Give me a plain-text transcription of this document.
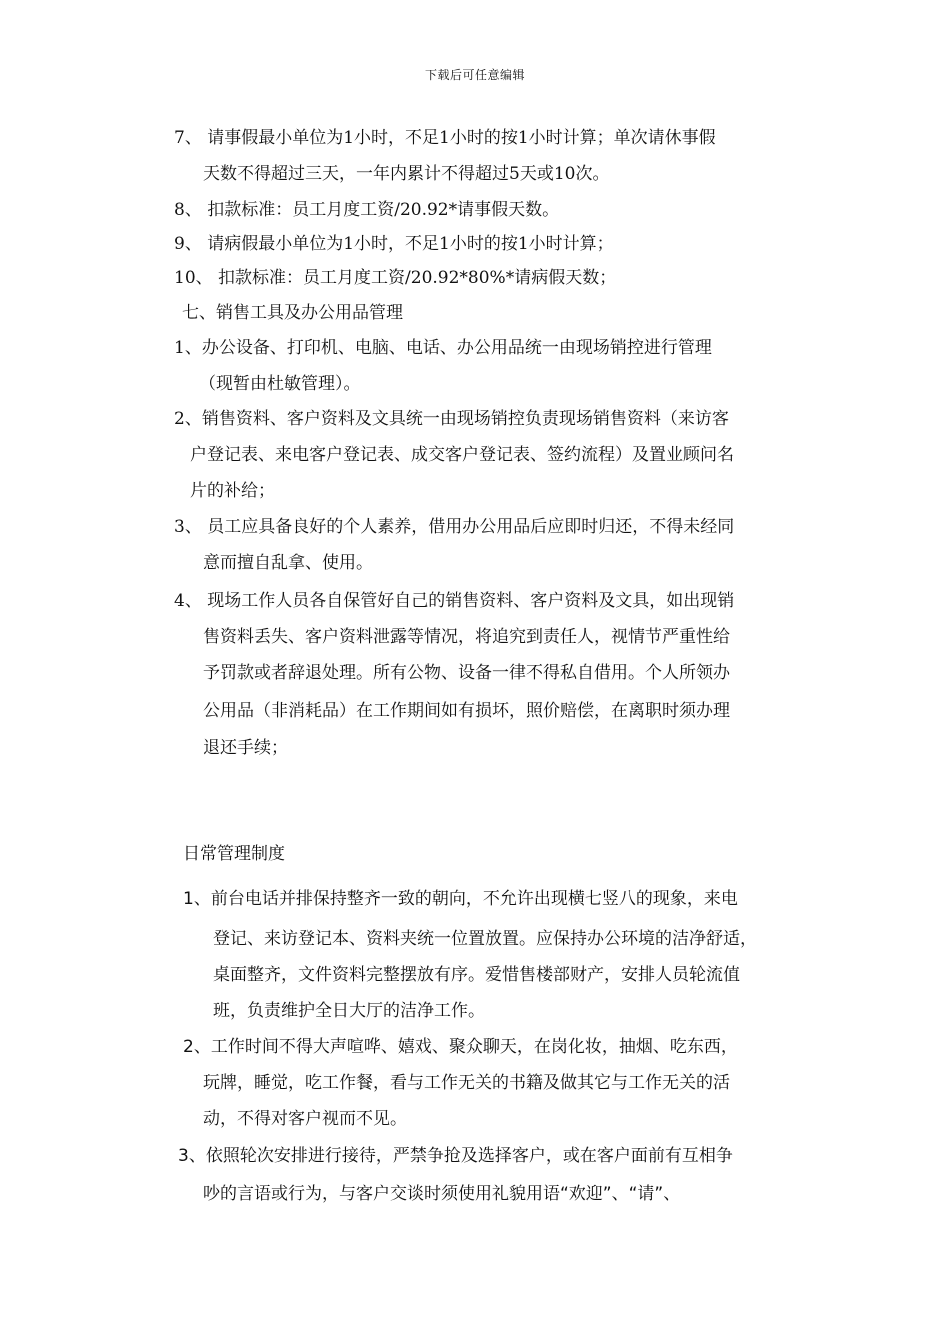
下载后可任意编辑
7、 请事假最小单位为1小时，不足1小时的按1小时计算；单次请休事假
天数不得超过三天，一年内累计不得超过5天或10次。
8、 扣款标准：员工月度工资/20.92*请事假天数。
9、 请病假最小单位为1小时，不足1小时的按1小时计算；
10、 扣款标准：员工月度工资/20.92*80%*请病假天数；
七、销售工具及办公用品管理
1、办公设备、打印机、电脑、电话、办公用品统一由现场销控进行管理
（现暂由杜敏管理）。
2、销售资料、客户资料及文具统一由现场销控负责现场销售资料（来访客
户登记表、来电客户登记表、成交客户登记表、签约流程）及置业顾问名
片的补给；
3、 员工应具备良好的个人素养，借用办公用品后应即时归还，不得未经同
意而擅自乱拿、使用。
4、 现场工作人员各自保管好自己的销售资料、客户资料及文具，如出现销
售资料丢失、客户资料泄露等情况，将追究到责任人，视情节严重性给
予罚款或者辞退处理。所有公物、设备一律不得私自借用。个人所领办
公用品（非消耗品）在工作期间如有损坏，照价赔偿，在离职时须办理
退还手续；
日常管理制度
1、前台电话并排保持整齐一致的朝向，不允许出现横七竖八的现象，来电
登记、来访登记本、资料夹统一位置放置。应保持办公环境的洁净舒适，
桌面整齐，文件资料完整摆放有序。爱惜售楼部财产，安排人员轮流值
班，负责维护全日大厅的洁净工作。
2、工作时间不得大声喧哗、嬉戏、聚众聊天，在岗化妆，抽烟、吃东西，
玩牌，睡觉，吃工作餐，看与工作无关的书籍及做其它与工作无关的活
动，不得对客户视而不见。
3、依照轮次安排进行接待，严禁争抢及选择客户，或在客户面前有互相争
吵的言语或行为，与客户交谈时须使用礼貌用语“欢迎”、“请”、
